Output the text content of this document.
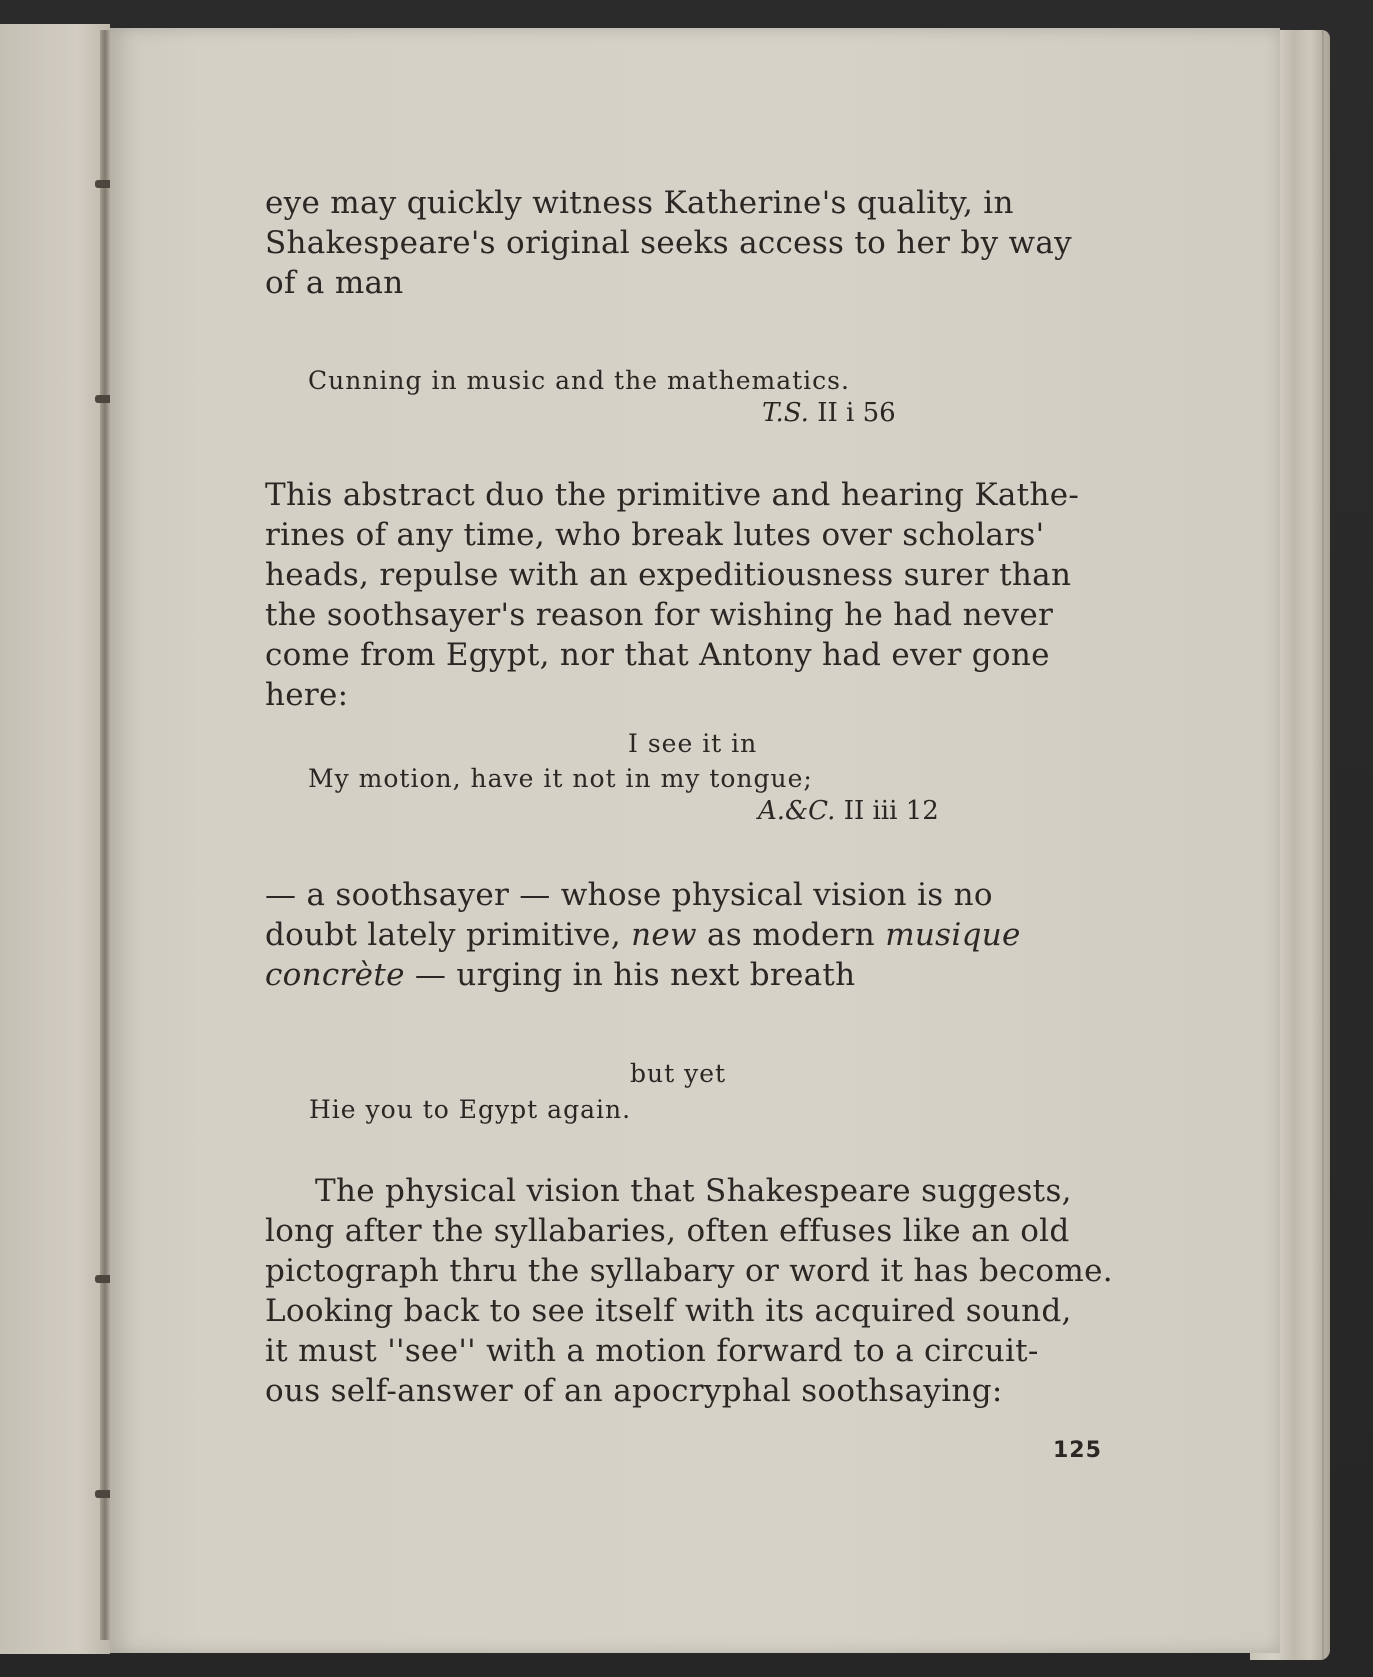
eye may quickly witness Katherine's quality, in
Shakespeare's original seeks access to her by way
of a man
Cunning in music and the mathematics.
T.S. II i 56
This abstract duo the primitive and hearing Kathe-
rines of any time, who break lutes over scholars'
heads, repulse with an expeditiousness surer than
the soothsayer's reason for wishing he had never
come from Egypt, nor that Antony had ever gone
here:
I see it in
My motion, have it not in my tongue;
A.&C. II iii 12
— a soothsayer — whose physical vision is no
doubt lately primitive, new as modern musique
concrète — urging in his next breath
but yet
Hie you to Egypt again.
The physical vision that Shakespeare suggests,
long after the syllabaries, often effuses like an old
pictograph thru the syllabary or word it has become.
Looking back to see itself with its acquired sound,
it must ''see'' with a motion forward to a circuit-
ous self-answer of an apocryphal soothsaying:
125
